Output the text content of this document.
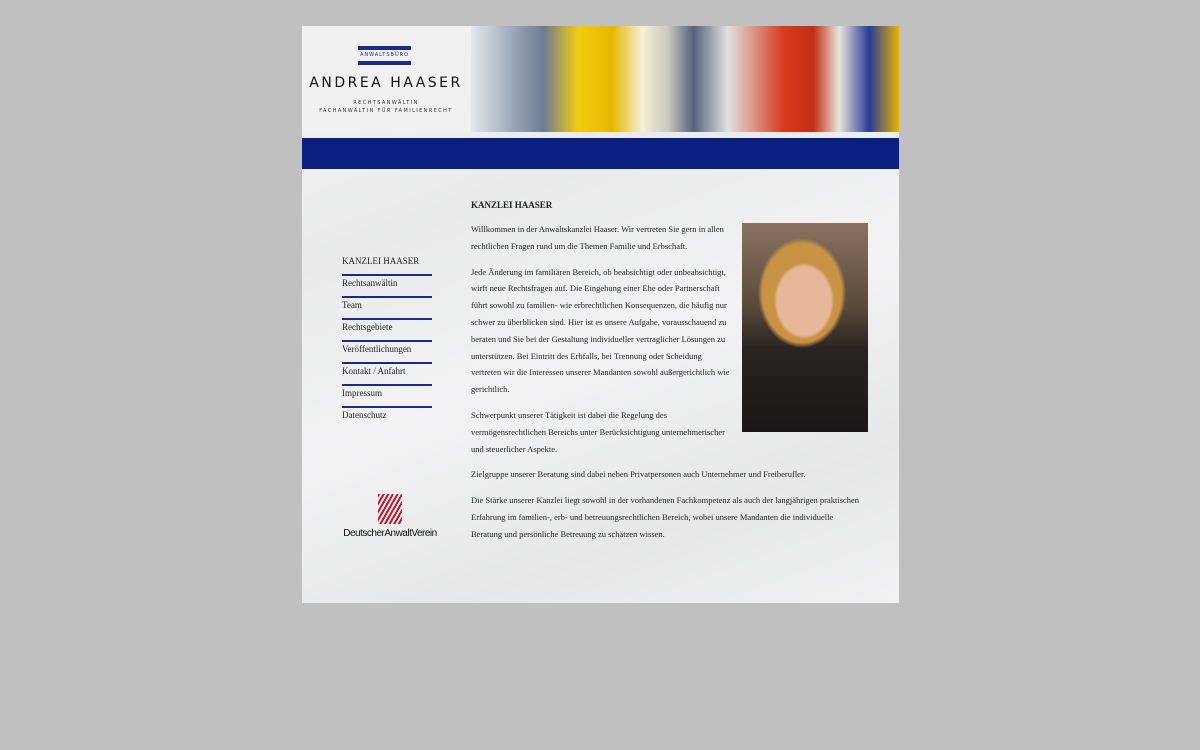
ANWALTSBÜRO
ANDREA HAASER
RECHTSANWÄLTIN
FACHANWÄLTIN FÜR FAMILIENRECHT
KANZLEI HAASER
Rechtsanwältin
Team
Rechtsgebiete
Veröffentlichungen
Kontakt / Anfahrt
Impressum
Datenschutz
DeutscherAnwaltVerein
KANZLEI HAASER

Willkommen in der Anwaltskanzlei Haaser. Wir vertreten Sie gern in allen rechtlichen Fragen rund um die Themen Familie und Erbschaft.

Jede Änderung im familiären Bereich, ob beabsichtigt oder unbeabsichtigt, wirft neue Rechtsfragen auf. Die Eingehung einer Ehe oder Partnerschaft führt sowohl zu familien- wie erbrechtlichen Konsequenzen, die häufig nur schwer zu überblicken sind. Hier ist es unsere Aufgabe, vorausschauend zu beraten und Sie bei der Gestaltung individueller vertraglicher Lösungen zu unterstützen. Bei Eintritt des Erbfalls, bei Trennung oder Scheidung vertreten wir die Interessen unserer Mandanten sowohl außergerichtlich wie gerichtlich.

Schwerpunkt unserer Tätigkeit ist dabei die Regelung des vermögensrechtlichen Bereichs unter Berücksichtigung unternehmerischer und steuerlicher Aspekte.

Zielgruppe unserer Beratung sind dabei neben Privatpersonen auch Unternehmer und Freiberufler.

Die Stärke unserer Kanzlei liegt sowohl in der vorhandenen Fachkompetenz als auch der langjährigen praktischen Erfahrung im familien-, erb- und betreuungsrechtlichen Bereich, wobei unsere Mandanten die individuelle Beratung und persönliche Betreuung zu schätzen wissen.
